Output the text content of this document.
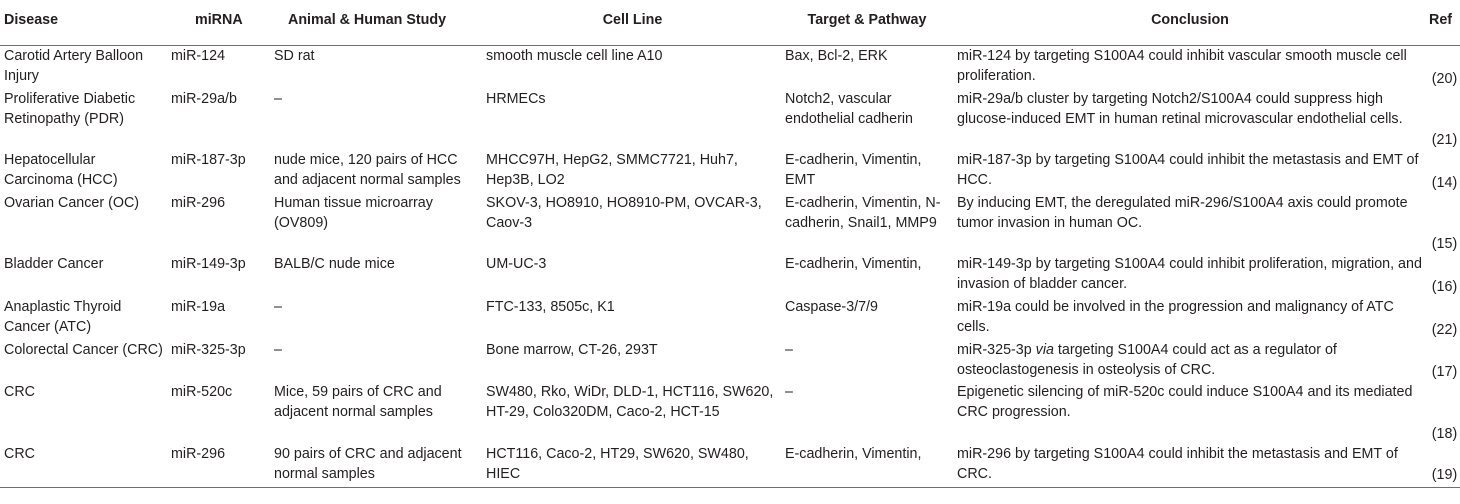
Disease	miRNA	Animal & Human Study	Cell Line	Target & Pathway	Conclusion	Ref
Carotid Artery Balloon Injury	miR-124	SD rat	smooth muscle cell line A10	Bax, Bcl-2, ERK	miR-124 by targeting S100A4 could inhibit vascular smooth muscle cell proliferation.	(20)
Proliferative Diabetic Retinopathy (PDR)	miR-29a/b	–	HRMECs	Notch2, vascular endothelial cadherin	miR-29a/b cluster by targeting Notch2/S100A4 could suppress high glucose-induced EMT in human retinal microvascular endothelial cells.	(21)
Hepatocellular Carcinoma (HCC)	miR-187-3p	nude mice, 120 pairs of HCC and adjacent normal samples	MHCC97H, HepG2, SMMC7721, Huh7, Hep3B, LO2	E-cadherin, Vimentin, EMT	miR-187-3p by targeting S100A4 could inhibit the metastasis and EMT of HCC.	(14)
Ovarian Cancer (OC)	miR-296	Human tissue microarray (OV809)	SKOV-3, HO8910, HO8910-PM, OVCAR-3, Caov-3	E-cadherin, Vimentin, N-cadherin, Snail1, MMP9	By inducing EMT, the deregulated miR-296/S100A4 axis could promote tumor invasion in human OC.	(15)
Bladder Cancer	miR-149-3p	BALB/C nude mice	UM-UC-3	E-cadherin, Vimentin,	miR-149-3p by targeting S100A4 could inhibit proliferation, migration, and invasion of bladder cancer.	(16)
Anaplastic Thyroid Cancer (ATC)	miR-19a	–	FTC-133, 8505c, K1	Caspase-3/7/9	miR-19a could be involved in the progression and malignancy of ATC cells.	(22)
Colorectal Cancer (CRC)	miR-325-3p	–	Bone marrow, CT-26, 293T	–	miR-325-3p via targeting S100A4 could act as a regulator of osteoclastogenesis in osteolysis of CRC.	(17)
CRC	miR-520c	Mice, 59 pairs of CRC and adjacent normal samples	SW480, Rko, WiDr, DLD-1, HCT116, SW620, HT-29, Colo320DM, Caco-2, HCT-15	–	Epigenetic silencing of miR-520c could induce S100A4 and its mediated CRC progression.	(18)
CRC	miR-296	90 pairs of CRC and adjacent normal samples	HCT116, Caco-2, HT29, SW620, SW480, HIEC	E-cadherin, Vimentin,	miR-296 by targeting S100A4 could inhibit the metastasis and EMT of CRC.	(19)
